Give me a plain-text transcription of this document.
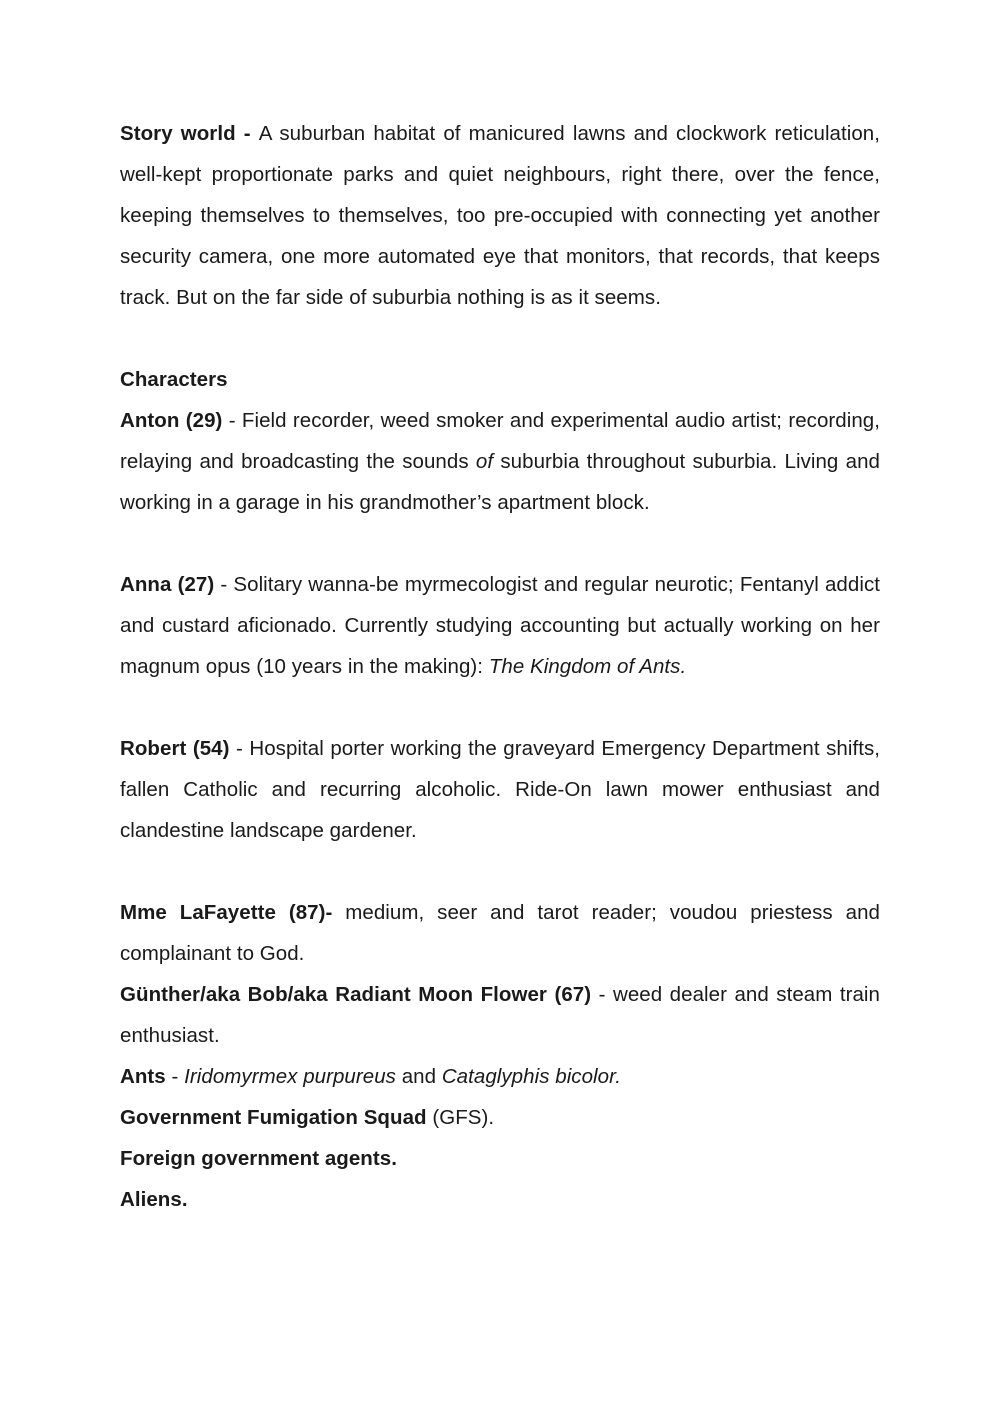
Story world - A suburban habitat of manicured lawns and clockwork reticulation, well-kept proportionate parks and quiet neighbours, right there, over the fence, keeping themselves to themselves, too pre-occupied with connecting yet another security camera, one more automated eye that monitors, that records, that keeps track. But on the far side of suburbia nothing is as it seems.

Characters

Anton (29) - Field recorder, weed smoker and experimental audio artist; recording, relaying and broadcasting the sounds of suburbia throughout suburbia. Living and working in a garage in his grandmother’s apartment block.

Anna (27) - Solitary wanna-be myrmecologist and regular neurotic; Fentanyl addict and custard aficionado. Currently studying accounting but actually working on her magnum opus (10 years in the making): The Kingdom of Ants.

Robert (54) - Hospital porter working the graveyard Emergency Department shifts, fallen Catholic and recurring alcoholic. Ride-On lawn mower enthusiast and clandestine landscape gardener.

Mme LaFayette (87)- medium, seer and tarot reader; voudou priestess and complainant to God.

Günther/aka Bob/aka Radiant Moon Flower (67) - weed dealer and steam train enthusiast.

Ants - Iridomyrmex purpureus and Cataglyphis bicolor.

Government Fumigation Squad (GFS).

Foreign government agents.

Aliens.
